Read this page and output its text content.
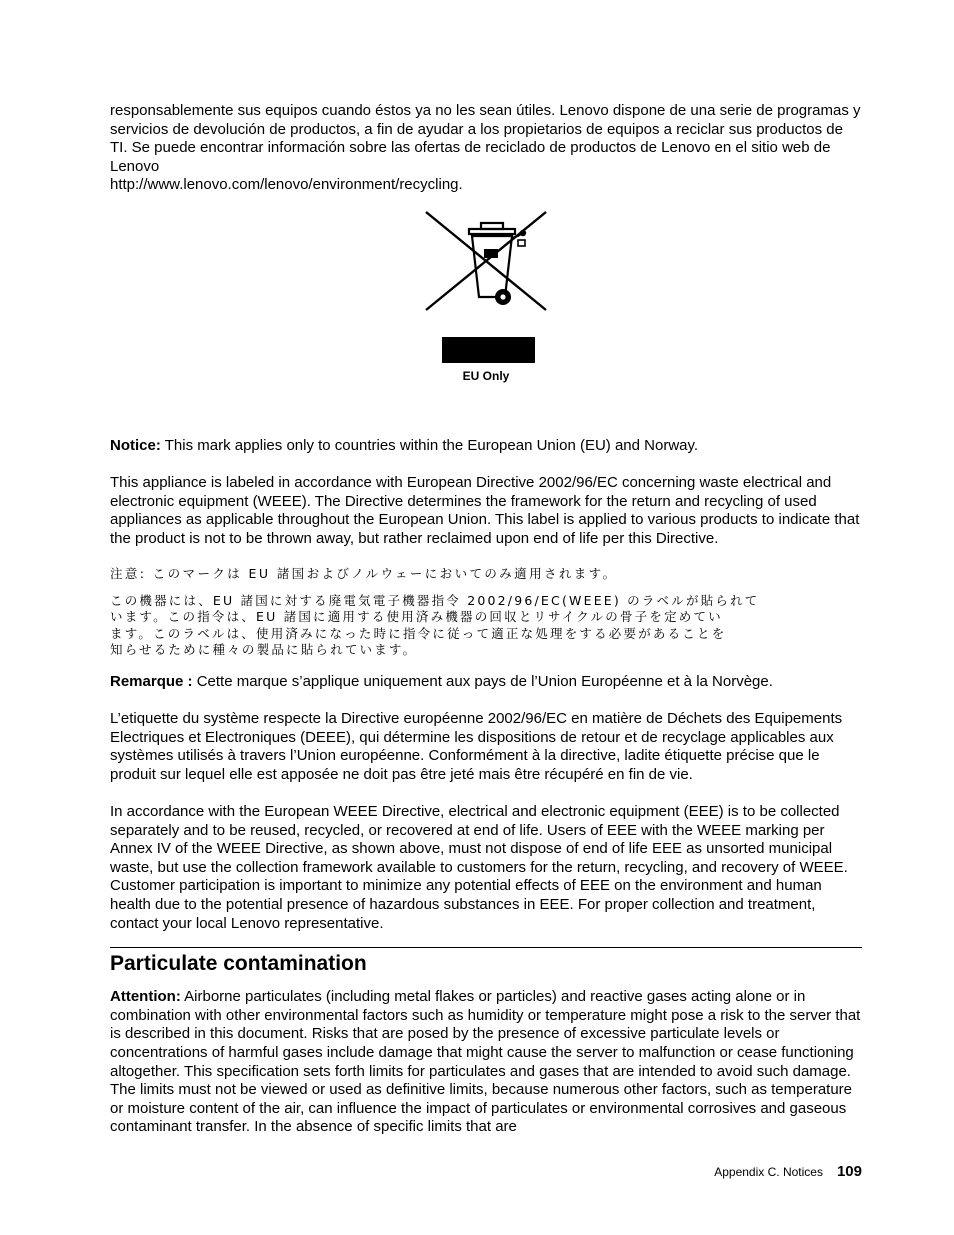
responsablemente sus equipos cuando éstos ya no les sean útiles. Lenovo dispone de una serie de programas y servicios de devolución de productos, a fin de ayudar a los propietarios de equipos a reciclar sus productos de TI. Se puede encontrar información sobre las ofertas de reciclado de productos de Lenovo en el sitio web de Lenovo

http://www.lenovo.com/lenovo/environment/recycling.

EU Only

Notice: This mark applies only to countries within the European Union (EU) and Norway.

This appliance is labeled in accordance with European Directive 2002/96/EC concerning waste electrical and electronic equipment (WEEE). The Directive determines the framework for the return and recycling of used appliances as applicable throughout the European Union. This label is applied to various products to indicate that the product is not to be thrown away, but rather reclaimed upon end of life per this Directive.

注意: このマークは EU 諸国およびノルウェーにおいてのみ適用されます。
この機器には、EU 諸国に対する廃電気電子機器指令 2002/96/EC(WEEE) のラベルが貼られて
います。この指令は、EU 諸国に適用する使用済み機器の回収とリサイクルの骨子を定めてい
ます。このラベルは、使用済みになった時に指令に従って適正な処理をする必要があることを
知らせるために種々の製品に貼られています。

Remarque : Cette marque s’applique uniquement aux pays de l’Union Européenne et à la Norvège.

L’etiquette du système respecte la Directive européenne 2002/96/EC en matière de Déchets des Equipements Electriques et Electroniques (DEEE), qui détermine les dispositions de retour et de recyclage applicables aux systèmes utilisés à travers l’Union européenne. Conformément à la directive, ladite étiquette précise que le produit sur lequel elle est apposée ne doit pas être jeté mais être récupéré en fin de vie.

In accordance with the European WEEE Directive, electrical and electronic equipment (EEE) is to be collected separately and to be reused, recycled, or recovered at end of life. Users of EEE with the WEEE marking per Annex IV of the WEEE Directive, as shown above, must not dispose of end of life EEE as unsorted municipal waste, but use the collection framework available to customers for the return, recycling, and recovery of WEEE. Customer participation is important to minimize any potential effects of EEE on the environment and human health due to the potential presence of hazardous substances in EEE. For proper collection and treatment, contact your local Lenovo representative.

Particulate contamination

Attention: Airborne particulates (including metal flakes or particles) and reactive gases acting alone or in combination with other environmental factors such as humidity or temperature might pose a risk to the server that is described in this document. Risks that are posed by the presence of excessive particulate levels or concentrations of harmful gases include damage that might cause the server to malfunction or cease functioning altogether. This specification sets forth limits for particulates and gases that are intended to avoid such damage. The limits must not be viewed or used as definitive limits, because numerous other factors, such as temperature or moisture content of the air, can influence the impact of particulates or environmental corrosives and gaseous contaminant transfer. In the absence of specific limits that are

Appendix C. Notices 109
